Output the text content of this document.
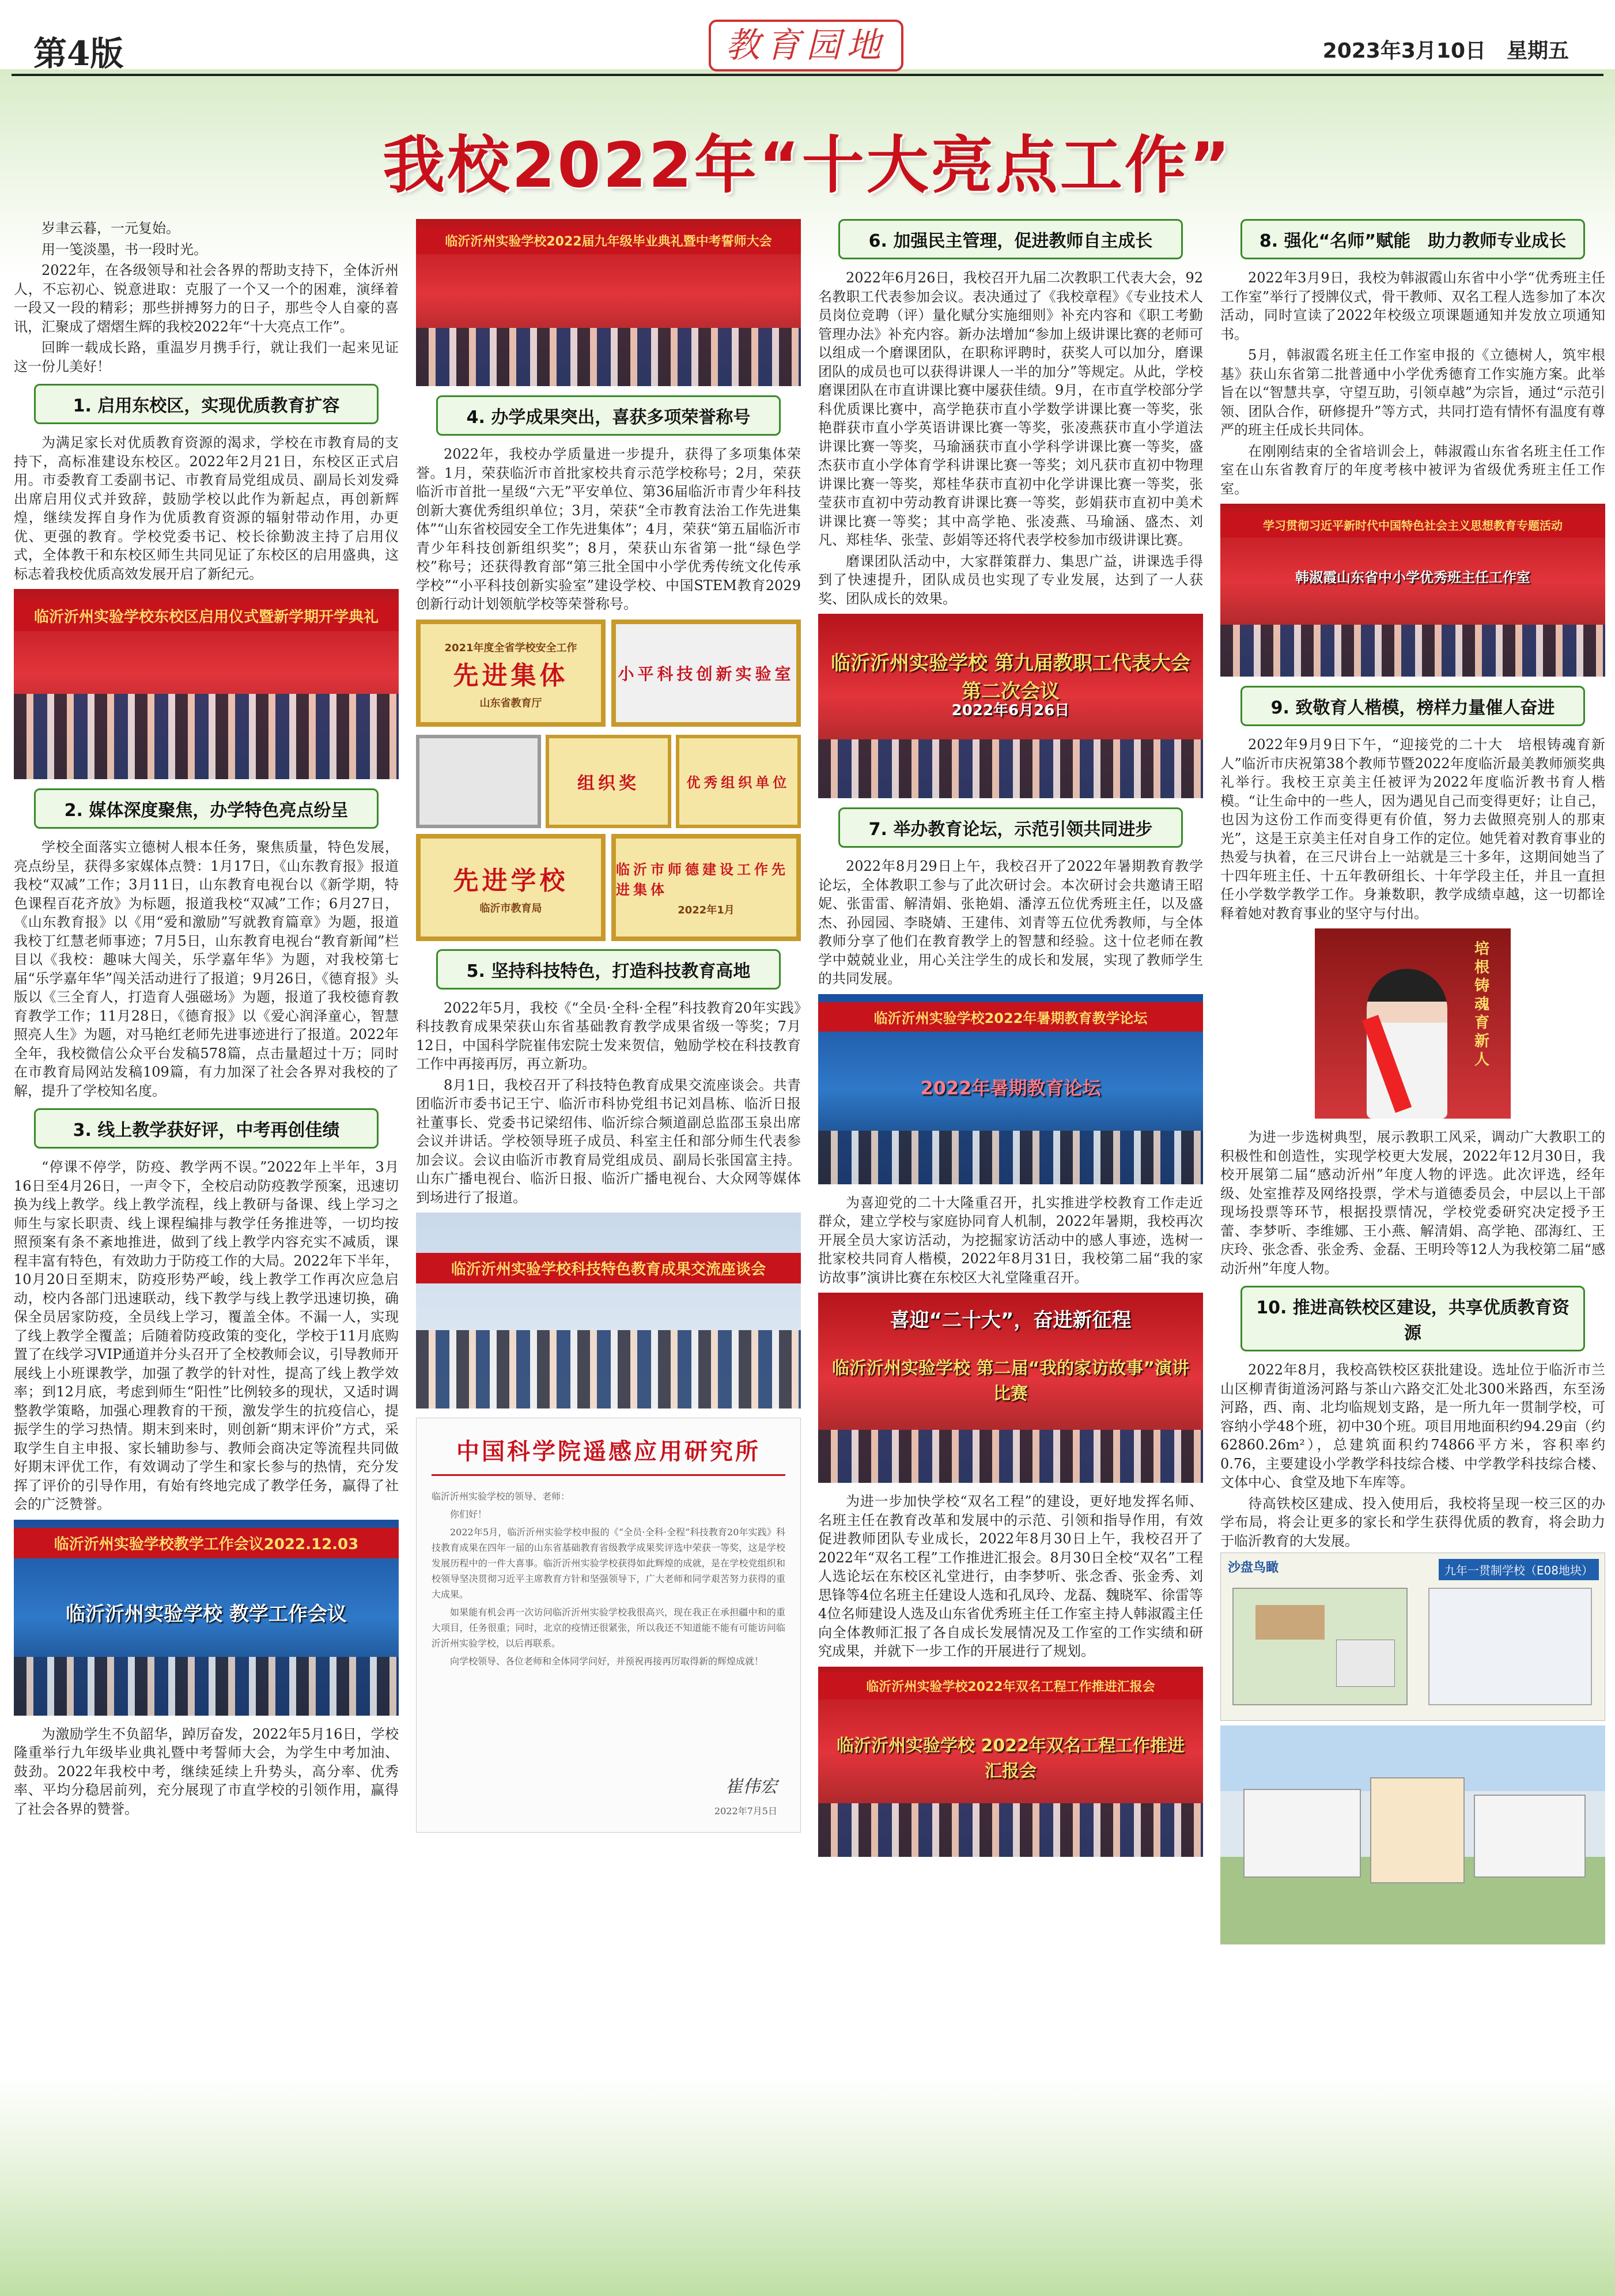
第4版	教育园地	2023年3月10日　星期五
我校2022年“十大亮点工作”

岁聿云暮，一元复始。

用一笺淡墨，书一段时光。

2022年，在各级领导和社会各界的帮助支持下，全体沂州人，不忘初心、锐意进取：克服了一个又一个的困难，演绎着一段又一段的精彩；那些拼搏努力的日子，那些令人自豪的喜讯，汇聚成了熠熠生辉的我校2022年“十大亮点工作”。

回眸一载成长路，重温岁月携手行，就让我们一起来见证这一份儿美好！

1. 启用东校区，实现优质教育扩容

为满足家长对优质教育资源的渴求，学校在市教育局的支持下，高标准建设东校区。2022年2月21日，东校区正式启用。市委教育工委副书记、市教育局党组成员、副局长刘发舜出席启用仪式并致辞，鼓励学校以此作为新起点，再创新辉煌，继续发挥自身作为优质教育资源的辐射带动作用，办更优、更强的教育。学校党委书记、校长徐勤波主持了启用仪式，全体教干和东校区师生共同见证了东校区的启用盛典，这标志着我校优质高效发展开启了新纪元。

临沂沂州实验学校东校区启用仪式暨新学期开学典礼
2. 媒体深度聚焦，办学特色亮点纷呈

学校全面落实立德树人根本任务，聚焦质量，特色发展，亮点纷呈，获得多家媒体点赞：1月17日，《山东教育报》报道我校“双减”工作；3月11日，山东教育电视台以《新学期，特色课程百花齐放》为标题，报道我校“双减”工作；6月27日，《山东教育报》以《用“爱和激励”写就教育篇章》为题，报道我校丁红慧老师事迹；7月5日，山东教育电视台“教育新闻”栏目以《我校：趣味大闯关，乐学嘉年华》为题，对我校第七届“乐学嘉年华”闯关活动进行了报道；9月26日，《德育报》头版以《三全育人，打造育人强磁场》为题，报道了我校德育教育教学工作；11月28日，《德育报》以《爱心润泽童心，智慧照亮人生》为题，对马艳红老师先进事迹进行了报道。2022年全年，我校微信公众平台发稿578篇，点击量超过十万；同时在市教育局网站发稿109篇，有力加深了社会各界对我校的了解，提升了学校知名度。

3. 线上教学获好评，中考再创佳绩

“停课不停学，防疫、教学两不误。”2022年上半年，3月16日至4月26日，一声令下，全校启动防疫教学预案，迅速切换为线上教学。线上教学流程，线上教研与备课、线上学习之师生与家长职责、线上课程编排与教学任务推进等，一切均按照预案有条不紊地推进，做到了线上教学内容充实不减质，课程丰富有特色，有效助力于防疫工作的大局。2022年下半年，10月20日至期末，防疫形势严峻，线上教学工作再次应急启动，校内各部门迅速联动，线下教学与线上教学迅速切换，确保全员居家防疫，全员线上学习，覆盖全体。不漏一人，实现了线上教学全覆盖；后随着防疫政策的变化，学校于11月底购置了在线学习VIP通道并分头召开了全校教师会议，引导教师开展线上小班课教学，加强了教学的针对性，提高了线上教学效率；到12月底，考虑到师生“阳性”比例较多的现状，又适时调整教学策略，加强心理教育的干预，激发学生的抗疫信心，提振学生的学习热情。期末到来时，则创新“期末评价”方式，采取学生自主申报、家长辅助参与、教师会商决定等流程共同做好期末评优工作，有效调动了学生和家长参与的热情，充分发挥了评价的引导作用，有始有终地完成了教学任务，赢得了社会的广泛赞誉。

临沂沂州实验学校教学工作会议2022.12.03
临沂沂州实验学校 教学工作会议

为激励学生不负韶华，踔厉奋发，2022年5月16日，学校隆重举行九年级毕业典礼暨中考誓师大会，为学生中考加油、鼓劲。2022年我校中考，继续延续上升势头，高分率、优秀率、平均分稳居前列，充分展现了市直学校的引领作用，赢得了社会各界的赞誉。

临沂沂州实验学校2022届九年级毕业典礼暨中考誓师大会
4. 办学成果突出，喜获多项荣誉称号

2022年，我校办学质量进一步提升，获得了多项集体荣誉。1月，荣获临沂市首批家校共育示范学校称号；2月，荣获临沂市首批一星级“六无”平安单位、第36届临沂市青少年科技创新大赛优秀组织单位；3月，荣获“全市教育法治工作先进集体”“山东省校园安全工作先进集体”；4月，荣获“第五届临沂市青少年科技创新组织奖”；8月，荣获山东省第一批“绿色学校”称号；还获得教育部“第三批全国中小学优秀传统文化传承学校”“小平科技创新实验室”建设学校、中国STEM教育2029创新行动计划领航学校等荣誉称号。

2021年度全省学校安全工作
先进集体
山东省教育厅
小平科技创新实验室
组织奖	优秀组织单位
先进学校
临沂市教育局
临沂市师德建设工作先进集体
2022年1月
5. 坚持科技特色，打造科技教育高地

2022年5月，我校《“全员·全科·全程”科技教育20年实践》科技教育成果荣获山东省基础教育教学成果省级一等奖；7月12日，中国科学院崔伟宏院士发来贺信，勉励学校在科技教育工作中再接再厉，再立新功。

8月1日，我校召开了科技特色教育成果交流座谈会。共青团临沂市委书记王宁、临沂市科协党组书记刘昌栋、临沂日报社董事长、党委书记梁绍伟、临沂综合频道副总监邵玉泉出席会议并讲话。学校领导班子成员、科室主任和部分师生代表参加会议。会议由临沂市教育局党组成员、副局长张国富主持。山东广播电视台、临沂日报、临沂广播电视台、大众网等媒体到场进行了报道。

临沂沂州实验学校科技特色教育成果交流座谈会
中国科学院遥感应用研究所

临沂沂州实验学校的领导、老师：

你们好！

2022年5月，临沂沂州实验学校申报的《“全员·全科·全程”科技教育20年实践》科技教育成果在四年一届的山东省基础教育省级教学成果奖评选中荣获一等奖，这是学校发展历程中的一件大喜事。临沂沂州实验学校获得如此辉煌的成就，是在学校党组织和校领导坚决贯彻习近平主席教育方针和坚强领导下，广大老师和同学艰苦努力获得的重大成果。

如果能有机会再一次访问临沂沂州实验学校我很高兴，现在我正在承担疆中和的重大项目，任务很重；同时，北京的疫情还很紧张，所以我还不知道能不能有可能访问临沂沂州实验学校，以后再联系。

向学校领导、各位老师和全体同学问好，并预祝再接再厉取得新的辉煌成就！

崔伟宏
2022年7月5日
6. 加强民主管理，促进教师自主成长

2022年6月26日，我校召开九届二次教职工代表大会，92名教职工代表参加会议。表决通过了《我校章程》《专业技术人员岗位竞聘（评）量化赋分实施细则》补充内容和《职工考勤管理办法》补充内容。新办法增加“参加上级讲课比赛的老师可以组成一个磨课团队，在职称评聘时，获奖人可以加分，磨课团队的成员也可以获得讲课人一半的加分”等规定。从此，学校磨课团队在市直讲课比赛中屡获佳绩。9月，在市直学校部分学科优质课比赛中，高学艳获市直小学数学讲课比赛一等奖，张艳群获市直小学英语讲课比赛一等奖，张凌燕获市直小学道法讲课比赛一等奖，马瑜涵获市直小学科学讲课比赛一等奖，盛杰获市直小学体育学科讲课比赛一等奖；刘凡获市直初中物理讲课比赛一等奖，郑桂华获市直初中化学讲课比赛一等奖，张莹获市直初中劳动教育讲课比赛一等奖，彭娟获市直初中美术讲课比赛一等奖；其中高学艳、张凌燕、马瑜涵、盛杰、刘凡、郑桂华、张莹、彭娟等还将代表学校参加市级讲课比赛。

磨课团队活动中，大家群策群力、集思广益，讲课选手得到了快速提升，团队成员也实现了专业发展，达到了一人获奖、团队成长的效果。

临沂沂州实验学校 第九届教职工代表大会第二次会议
2022年6月26日
7. 举办教育论坛，示范引领共同进步

2022年8月29日上午，我校召开了2022年暑期教育教学论坛，全体教职工参与了此次研讨会。本次研讨会共邀请王昭妮、张雷雷、解清娟、张艳娟、潘淳五位优秀班主任，以及盛杰、孙园园、李晓婧、王建伟、刘青等五位优秀教师，与全体教师分享了他们在教育教学上的智慧和经验。这十位老师在教学中兢兢业业，用心关注学生的成长和发展，实现了教师学生的共同发展。

临沂沂州实验学校2022年暑期教育教学论坛
2022年暑期教育论坛

为喜迎党的二十大隆重召开，扎实推进学校教育工作走近群众，建立学校与家庭协同育人机制，2022年暑期，我校再次开展全员大家访活动，为挖掘家访活动中的感人事迹，选树一批家校共同育人楷模，2022年8月31日，我校第二届“我的家访故事”演讲比赛在东校区大礼堂隆重召开。

喜迎“二十大”，奋进新征程
临沂沂州实验学校 第二届“我的家访故事”演讲比赛

为进一步加快学校“双名工程”的建设，更好地发挥名师、名班主任在教育改革和发展中的示范、引领和指导作用，有效促进教师团队专业成长，2022年8月30日上午，我校召开了2022年“双名工程”工作推进汇报会。8月30日全校“双名”工程人选论坛在东校区礼堂进行，由李梦听、张念香、张金秀、刘思锋等4位名班主任建设人选和孔凤玲、龙磊、魏晓军、徐雷等4位名师建设人选及山东省优秀班主任工作室主持人韩淑霞主任向全体教师汇报了各自成长发展情况及工作室的工作实绩和研究成果，并就下一步工作的开展进行了规划。

临沂沂州实验学校2022年双名工程工作推进汇报会
临沂沂州实验学校 2022年双名工程工作推进汇报会
8. 强化“名师”赋能　助力教师专业成长

2022年3月9日，我校为韩淑霞山东省中小学“优秀班主任工作室”举行了授牌仪式，骨干教师、双名工程人选参加了本次活动，同时宣读了2022年校级立项课题通知并发放立项通知书。

5月，韩淑霞名班主任工作室申报的《立德树人，筑牢根基》获山东省第二批普通中小学优秀德育工作实施方案。此举旨在以“智慧共享，守望互助，引领卓越”为宗旨，通过“示范引领、团队合作，研修提升”等方式，共同打造有情怀有温度有尊严的班主任成长共同体。

在刚刚结束的全省培训会上，韩淑霞山东省名班主任工作室在山东省教育厅的年度考核中被评为省级优秀班主任工作室。

学习贯彻习近平新时代中国特色社会主义思想教育专题活动
韩淑霞山东省中小学优秀班主任工作室
9. 致敬育人楷模，榜样力量催人奋进

2022年9月9日下午，“迎接党的二十大　培根铸魂育新人”临沂市庆祝第38个教师节暨2022年度临沂最美教师颁奖典礼举行。我校王京美主任被评为2022年度临沂教书育人楷模。“让生命中的一些人，因为遇见自己而变得更好；让自己，也因为这份工作而变得更有价值，努力去做照亮别人的那束光”，这是王京美主任对自身工作的定位。她凭着对教育事业的热爱与执着，在三尺讲台上一站就是三十多年，这期间她当了十四年班主任、十五年教研组长、十年学段主任，并且一直担任小学数学教学工作。身兼数职，教学成绩卓越，这一切都诠释着她对教育事业的坚守与付出。

培根铸魂育新人

为进一步选树典型，展示教职工风采，调动广大教职工的积极性和创造性，实现学校更大发展，2022年12月30日，我校开展第二届“感动沂州”年度人物的评选。此次评选，经年级、处室推荐及网络投票，学术与道德委员会，中层以上干部现场投票等环节，根据投票情况，学校党委研究决定授予王蕾、李梦听、李维娜、王小燕、解清娟、高学艳、邵海红、王庆玲、张念香、张金秀、金磊、王明玲等12人为我校第二届“感动沂州”年度人物。

10. 推进高铁校区建设，共享优质教育资源

2022年8月，我校高铁校区获批建设。选址位于临沂市兰山区柳青街道汤河路与茶山六路交汇处北300米路西，东至汤河路，西、南、北均临规划支路，是一所九年一贯制学校，可容纳小学48个班，初中30个班。项目用地面积约94.29亩（约62860.26m²），总建筑面积约74866平方米，容积率约0.76，主要建设小学教学科技综合楼、中学教学科技综合楼、文体中心、食堂及地下车库等。

待高铁校区建成、投入使用后，我校将呈现一校三区的办学布局，将会让更多的家长和学生获得优质的教育，将会助力于临沂教育的大发展。

沙盘鸟瞰	九年一贯制学校（E08地块）
